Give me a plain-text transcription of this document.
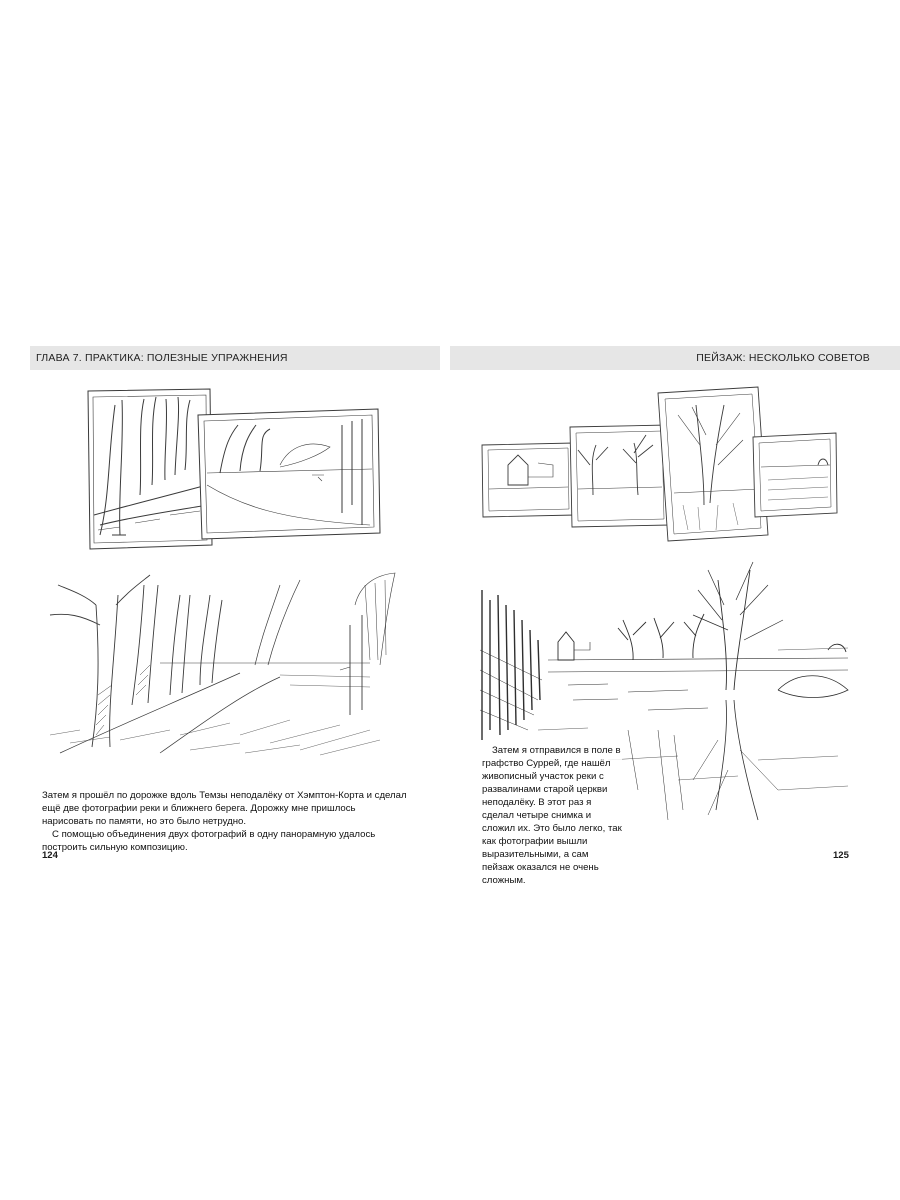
ГЛАВА 7. ПРАКТИКА: ПОЛЕЗНЫЕ УПРАЖНЕНИЯ

Затем я прошёл по дорожке вдоль Темзы неподалёку от Хэмптон-Корта и сделал ещё две фотографии реки и ближнего берега. Дорожку мне пришлось нарисовать по памяти, но это было нетрудно.

С помощью объединения двух фотографий в одну панорамную удалось построить сильную композицию.

124
ПЕЙЗАЖ: НЕСКОЛЬКО СОВЕТОВ

Затем я отправился в поле в графство Суррей, где нашёл живописный участок реки с развалинами старой церкви неподалёку. В этот раз я сделал четыре снимка и сложил их. Это было легко, так как фотографии вышли выразительными, а сам пейзаж оказался не очень сложным.

125
